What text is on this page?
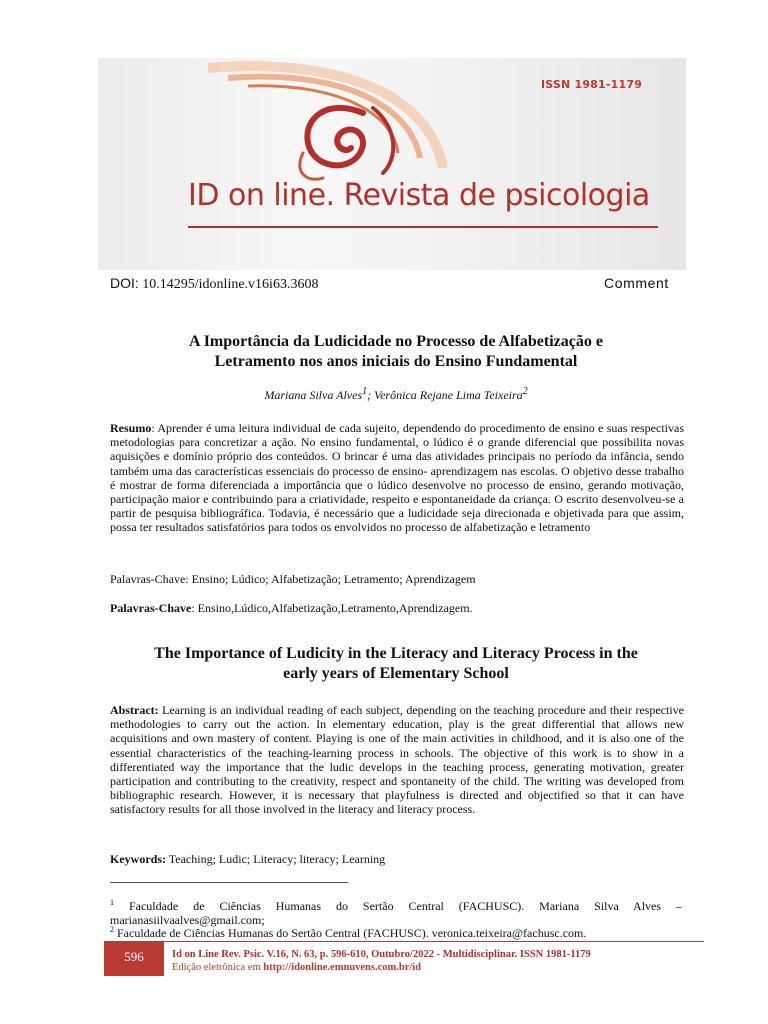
ISSN 1981-1179
ID on line. Revista de psicologia
DOI: 10.14295/idonline.v16i63.3608	Comment
A Importância da Ludicidade no Processo de Alfabetização e
Letramento nos anos iniciais do Ensino Fundamental
Mariana Silva Alves$^1$; Verônica Rejane Lima Teixeira$^2$
Resumo: Aprender é uma leitura individual de cada sujeito, dependendo do procedimento de ensino e suas respectivas metodologias para concretizar a ação. No ensino fundamental, o lúdico é o grande diferencial que possibilita novas aquisições e domínio próprio dos conteúdos. O brincar é uma das atividades principais no período da infância, sendo também uma das características essenciais do processo de ensino- aprendizagem nas escolas. O objetivo desse trabalho é mostrar de forma diferenciada a importância que o lúdico desenvolve no processo de ensino, gerando motivação, participação maior e contribuindo para a criatividade, respeito e espontaneidade da criança. O escrito desenvolveu-se a partir de pesquisa bibliográfica. Todavia, é necessário que a ludicidade seja direcionada e objetivada para que assim, possa ter resultados satisfatórios para todos os envolvidos no processo de alfabetização e letramento
Palavras-Chave: Ensino; Lúdico; Alfabetização; Letramento; Aprendizagem
Palavras-Chave: Ensino,Lúdico,Alfabetização,Letramento,Aprendizagem.
The Importance of Ludicity in the Literacy and Literacy Process in the
early years of Elementary School
Abstract: Learning is an individual reading of each subject, depending on the teaching procedure and their respective methodologies to carry out the action. In elementary education, play is the great differential that allows new acquisitions and own mastery of content. Playing is one of the main activities in childhood, and it is also one of the essential characteristics of the teaching-learning process in schools. The objective of this work is to show in a differentiated way the importance that the ludic develops in the teaching process, generating motivation, greater participation and contributing to the creativity, respect and spontaneity of the child. The writing was developed from bibliographic research. However, it is necessary that playfulness is directed and objectified so that it can have satisfactory results for all those involved in the literacy and literacy process.
Keywords: Teaching; Ludic; Literacy; literacy; Learning
$^1$ Faculdade de Ciências Humanas do Sertão Central (FACHUSC). Mariana Silva Alves – marianasiilvaalves@gmail.com;
$^2$ Faculdade de Ciências Humanas do Sertão Central (FACHUSC). veronica.teixeira@fachusc.com.
596	Id on Line Rev. Psic. V.16, N. 63, p. 596-610, Outubro/2022 - Multidisciplinar. ISSN 1981-1179
Edição eletrônica em http://idonline.emnuvens.com.br/id
